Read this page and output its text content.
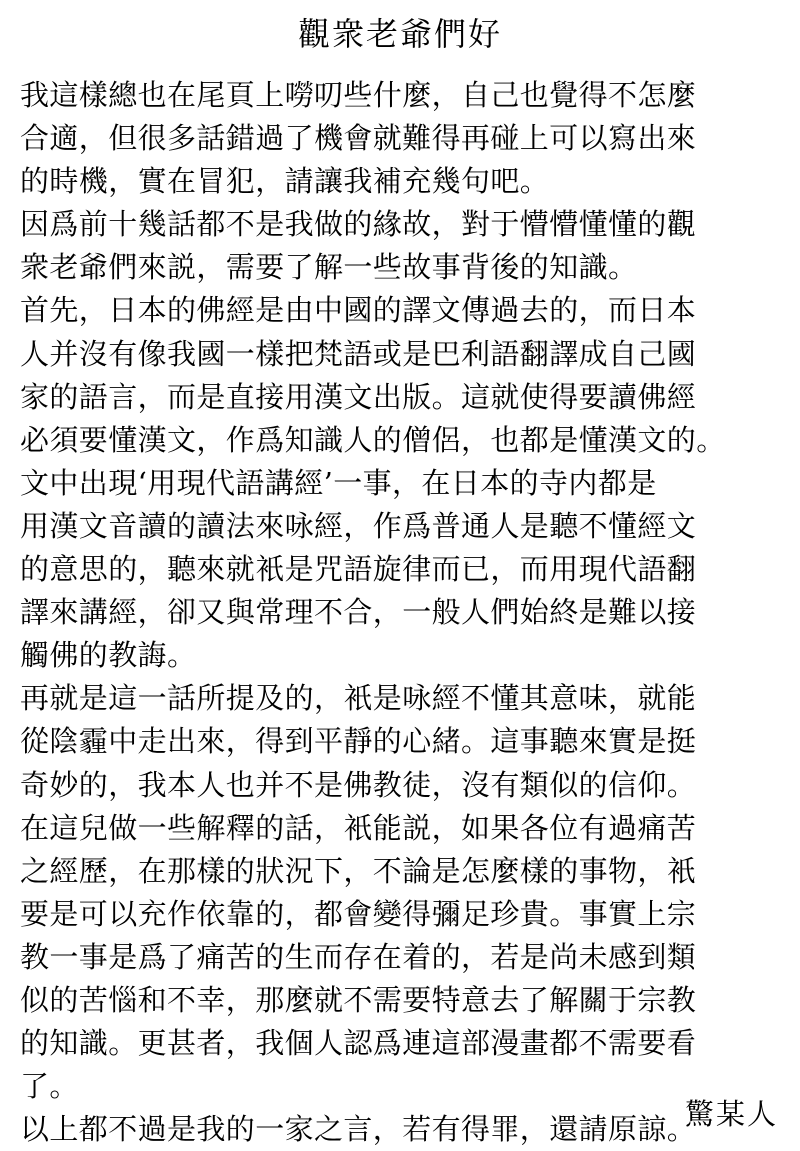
觀衆老爺們好
我這樣總也在尾頁上嘮叨些什麼，自己也覺得不怎麼
合適，但很多話錯過了機會就難得再碰上可以寫出來
的時機，實在冒犯，請讓我補充幾句吧。
因爲前十幾話都不是我做的緣故，對于懵懵懂懂的觀
衆老爺們來説，需要了解一些故事背後的知識。
首先，日本的佛經是由中國的譯文傳過去的，而日本
人并沒有像我國一樣把梵語或是巴利語翻譯成自己國
家的語言，而是直接用漢文出版。這就使得要讀佛經
必須要懂漢文，作爲知識人的僧侶，也都是懂漢文的。
文中出現‘用現代語講經’一事，在日本的寺内都是
用漢文音讀的讀法來咏經，作爲普通人是聽不懂經文
的意思的，聽來就衹是咒語旋律而已，而用現代語翻
譯來講經，卻又與常理不合，一般人們始終是難以接
觸佛的教誨。
再就是這一話所提及的，衹是咏經不懂其意味，就能
從陰霾中走出來，得到平靜的心緒。這事聽來實是挺
奇妙的，我本人也并不是佛教徒，沒有類似的信仰。
在這兒做一些解釋的話，衹能説，如果各位有過痛苦
之經歷，在那樣的狀況下，不論是怎麼樣的事物，衹
要是可以充作依靠的，都會變得彌足珍貴。事實上宗
教一事是爲了痛苦的生而存在着的，若是尚未感到類
似的苦惱和不幸，那麼就不需要特意去了解關于宗教
的知識。更甚者，我個人認爲連這部漫畫都不需要看
了。
以上都不過是我的一家之言，若有得罪，還請原諒。
驚某人
